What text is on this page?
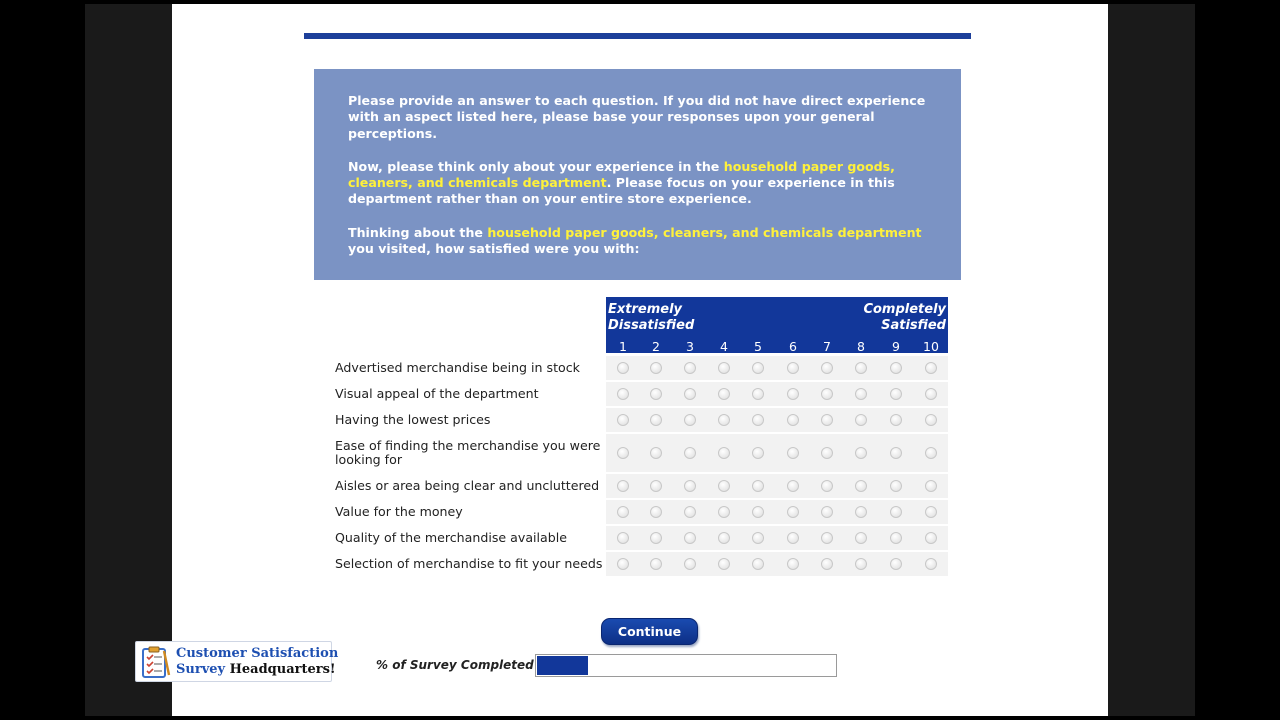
Please provide an answer to each question. If you did not have direct experience with an aspect listed here, please base your responses upon your general perceptions.

Now, please think only about your experience in the household paper goods, cleaners, and chemicals department. Please focus on your experience in this department rather than on your entire store experience.

Thinking about the household paper goods, cleaners, and chemicals department you visited, how satisfied were you with:

Extremely
Dissatisfied
Completely
Satisfied
1 2 3 4 5 6 7 8 9 10
Advertised merchandise being in stock
Visual appeal of the department
Having the lowest prices
Ease of finding the merchandise you were looking for
Aisles or area being clear and uncluttered
Value for the money
Quality of the merchandise available
Selection of merchandise to fit your needs
Continue
% of Survey Completed
Customer Satisfaction
Survey Headquarters!
